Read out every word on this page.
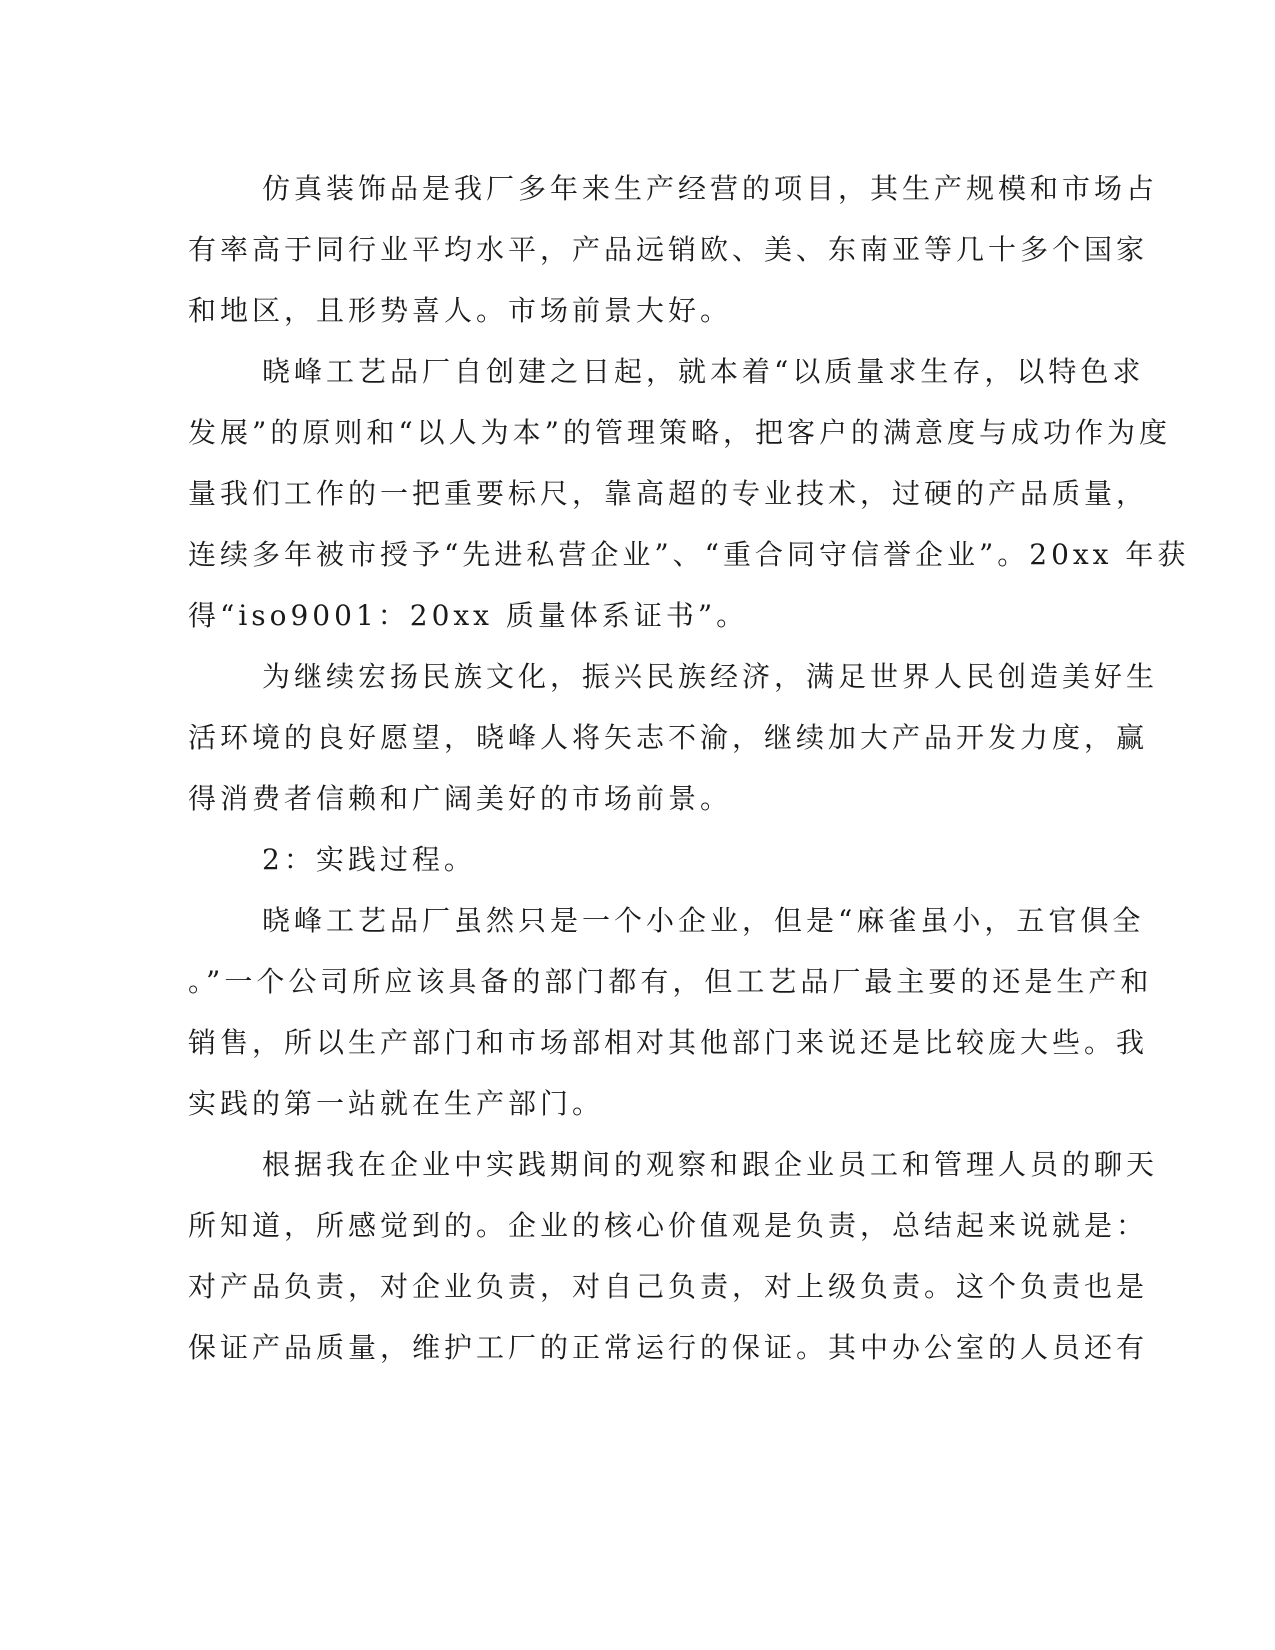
仿真装饰品是我厂多年来生产经营的项目，其生产规模和市场占
有率高于同行业平均水平，产品远销欧、美、东南亚等几十多个国家
和地区，且形势喜人。市场前景大好。
晓峰工艺品厂自创建之日起，就本着“以质量求生存，以特色求
发展”的原则和“以人为本”的管理策略，把客户的满意度与成功作为度
量我们工作的一把重要标尺，靠高超的专业技术，过硬的产品质量，
连续多年被市授予“先进私营企业”、“重合同守信誉企业”。20xx 年获
得“iso9001：20xx 质量体系证书”。
为继续宏扬民族文化，振兴民族经济，满足世界人民创造美好生
活环境的良好愿望，晓峰人将矢志不渝，继续加大产品开发力度，赢
得消费者信赖和广阔美好的市场前景。
2：实践过程。
晓峰工艺品厂虽然只是一个小企业，但是“麻雀虽小，五官俱全
。”一个公司所应该具备的部门都有，但工艺品厂最主要的还是生产和
销售，所以生产部门和市场部相对其他部门来说还是比较庞大些。我
实践的第一站就在生产部门。
根据我在企业中实践期间的观察和跟企业员工和管理人员的聊天
所知道，所感觉到的。企业的核心价值观是负责，总结起来说就是：
对产品负责，对企业负责，对自己负责，对上级负责。这个负责也是
保证产品质量，维护工厂的正常运行的保证。其中办公室的人员还有
